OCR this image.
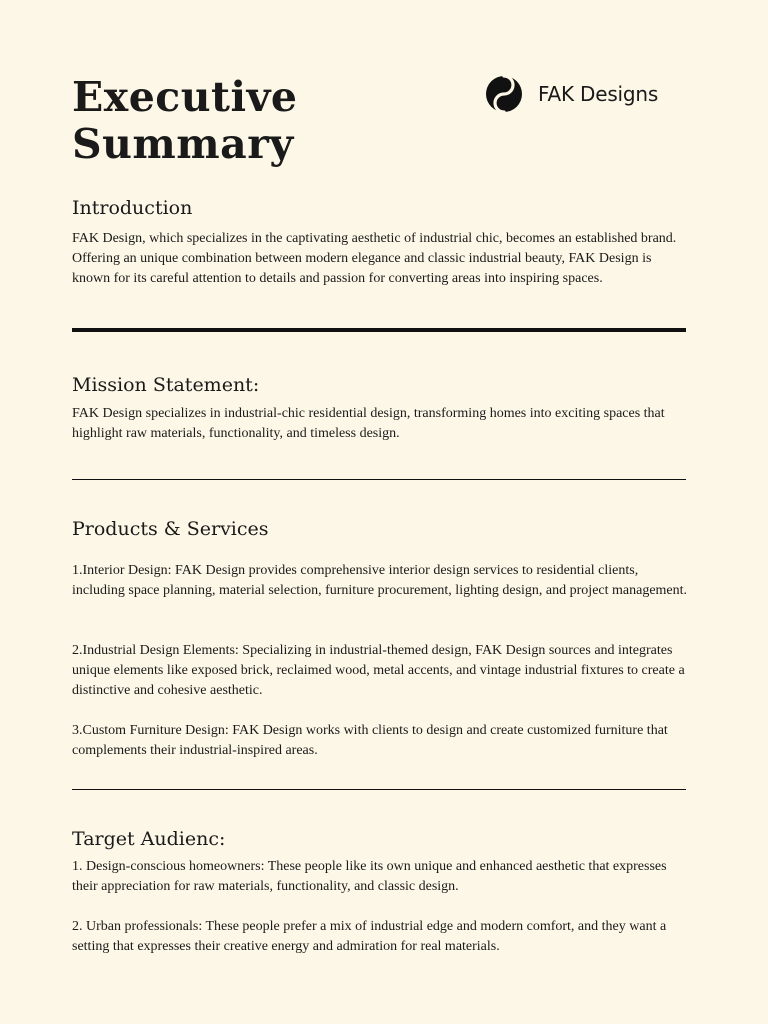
Executive
Summary
FAK Designs
Introduction

FAK Design, which specializes in the captivating aesthetic of industrial chic, becomes an established brand. Offering an unique combination between modern elegance and classic industrial beauty, FAK Design is known for its careful attention to details and passion for converting areas into inspiring spaces.

Mission Statement:

FAK Design specializes in industrial-chic residential design, transforming homes into exciting spaces that highlight raw materials, functionality, and timeless design.

Products & Services

1.Interior Design: FAK Design provides comprehensive interior design services to residential clients, including space planning, material selection, furniture procurement, lighting design, and project management.

2.Industrial Design Elements: Specializing in industrial-themed design, FAK Design sources and integrates unique elements like exposed brick, reclaimed wood, metal accents, and vintage industrial fixtures to create a distinctive and cohesive aesthetic.

3.Custom Furniture Design: FAK Design works with clients to design and create customized furniture that complements their industrial-inspired areas.

Target Audienc:

1. Design-conscious homeowners: These people like its own unique and enhanced aesthetic that expresses their appreciation for raw materials, functionality, and classic design.

2. Urban professionals: These people prefer a mix of industrial edge and modern comfort, and they want a setting that expresses their creative energy and admiration for real materials.
